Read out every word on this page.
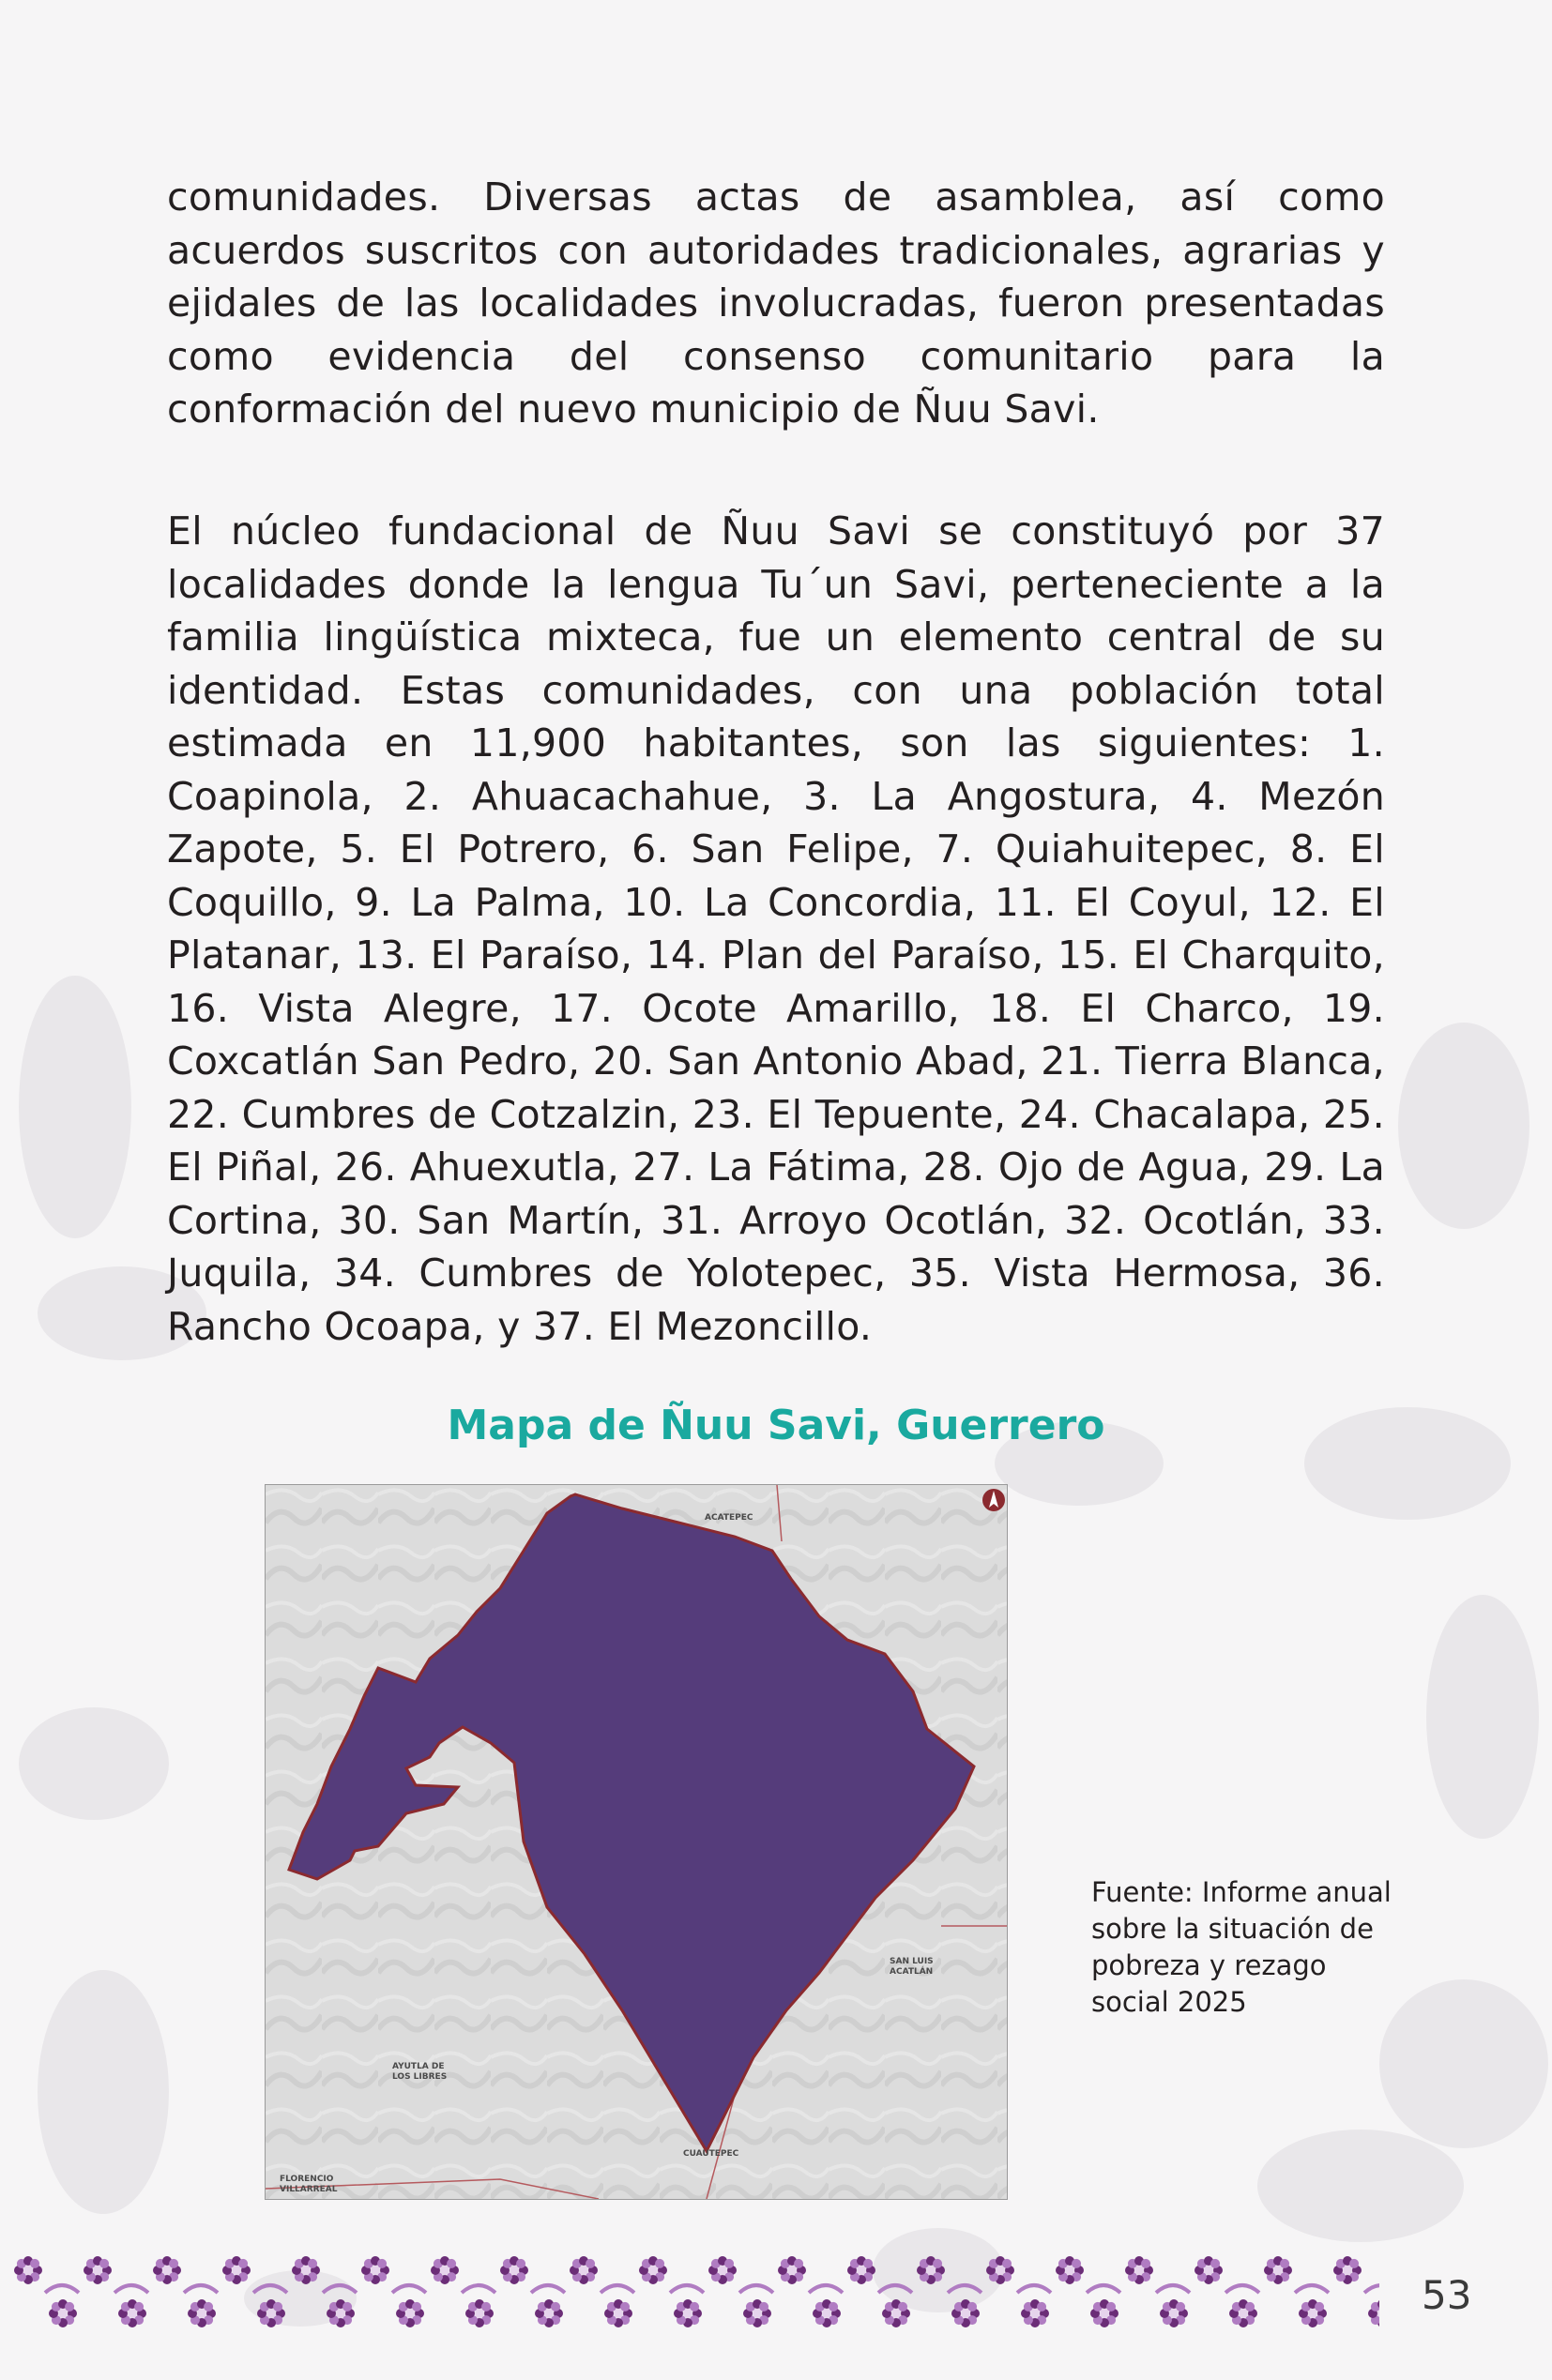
comunidades. Diversas actas de asamblea, así como acuerdos suscritos con autoridades tradicionales, agrarias y ejidales de las localidades involucradas, fueron presentadas como evidencia del consenso comunitario para la conformación del nuevo municipio de Ñuu Savi.

El núcleo fundacional de Ñuu Savi se constituyó por 37 localidades donde la lengua Tu´un Savi, perteneciente a la familia lingüística mixteca, fue un elemento central de su identidad. Estas comunidades, con una población total estimada en 11,900 habitantes, son las siguientes: 1. Coapinola, 2. Ahuacachahue, 3. La Angostura, 4. Mezón Zapote, 5. El Potrero, 6. San Felipe, 7. Quiahuitepec, 8. El Coquillo, 9. La Palma, 10. La Concordia, 11. El Coyul, 12. El Platanar, 13. El Paraíso, 14. Plan del Paraíso, 15. El Charquito, 16. Vista Alegre, 17. Ocote Amarillo, 18. El Charco, 19. Coxcatlán San Pedro, 20. San Antonio Abad, 21. Tierra Blanca, 22. Cumbres de Cotzalzin, 23. El Tepuente, 24. Chacalapa, 25. El Piñal, 26. Ahuexutla, 27. La Fátima, 28. Ojo de Agua, 29. La Cortina, 30. San Martín, 31. Arroyo Ocotlán, 32. Ocotlán, 33. Juquila, 34. Cumbres de Yolotepec, 35. Vista Hermosa, 36. Rancho Ocoapa, y 37. El Mezoncillo.

Mapa de Ñuu Savi, Guerrero
ACATEPEC
SAN LUIS
ACATLÁN
AYUTLA DE
LOS LIBRES
CUAUTEPEC
FLORENCIO
VILLARREAL
Fuente: Informe anual sobre la situación de pobreza y rezago social 2025
53
